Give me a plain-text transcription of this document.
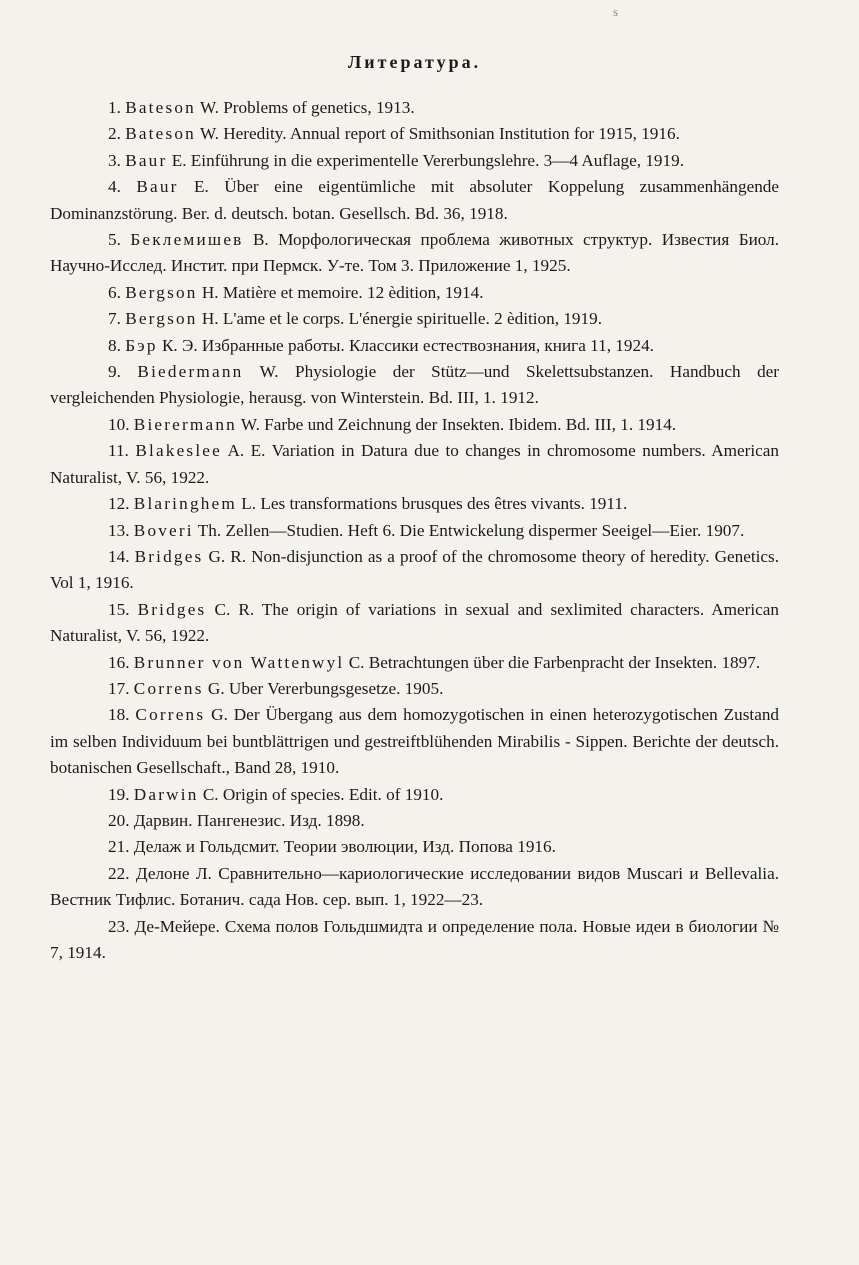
s
Литература.
1. Bateson W. Problems of genetics, 1913.
2. Bateson W. Heredity. Annual report of Smithsonian Institution for 1915, 1916.
3. Baur E. Einführung in die experimentelle Vererbungslehre. 3—4 Auflage, 1919.
4. Baur E. Über eine eigentümliche mit absoluter Koppelung zusammenhängende Dominanzstörung. Ber. d. deutsch. botan. Gesellsch. Bd. 36, 1918.
5. Беклемишев В. Морфологическая проблема животных структур. Известия Биол. Научно-Исслед. Инстит. при Пермск. У-те. Том 3. Приложение 1, 1925.
6. Bergson H. Matière et memoire. 12 èdition, 1914.
7. Bergson H. L'ame et le corps. L'énergie spirituelle. 2 èdition, 1919.
8. Бэр К. Э. Избранные работы. Классики естествознания, книга 11, 1924.
9. Biedermann W. Physiologie der Stütz—und Skelettsubstanzen. Handbuch der vergleichenden Physiologie, herausg. von Winterstein. Bd. III, 1. 1912.
10. Bierermann W. Farbe und Zeichnung der Insekten. Ibidem. Bd. III, 1. 1914.
11. Blakeslee A. E. Variation in Datura due to changes in chromosome numbers. American Naturalist, V. 56, 1922.
12. Blaringhem L. Les transformations brusques des êtres vivants. 1911.
13. Boveri Th. Zellen—Studien. Heft 6. Die Entwickelung dispermer Seeigel—Eier. 1907.
14. Bridges G. R. Non-disjunction as a proof of the chromosome theory of heredity. Genetics. Vol 1, 1916.
15. Bridges C. R. The origin of variations in sexual and sexlimited characters. American Naturalist, V. 56, 1922.
16. Brunner von Wattenwyl C. Betrachtungen über die Farbenpracht der Insekten. 1897.
17. Correns G. Uber Vererbungsgesetze. 1905.
18. Correns G. Der Übergang aus dem homozygotischen in einen heterozygotischen Zustand im selben Individuum bei buntblättrigen und gestreiftblühenden Mirabilis - Sippen. Berichte der deutsch. botanischen Gesellschaft., Band 28, 1910.
19. Darwin C. Origin of species. Edit. of 1910.
20. Дарвин. Пангенезис. Изд. 1898.
21. Делаж и Гольдсмит. Теории эволюции, Изд. Попова 1916.
22. Делоне Л. Сравнительно—кариологические исследовании видов Muscari и Bellevalia. Вестник Тифлис. Ботанич. сада Нов. сер. вып. 1, 1922—23.
23. Де-Мейере. Схема полов Гольдшмидта и определение пола. Новые идеи в биологии № 7, 1914.
